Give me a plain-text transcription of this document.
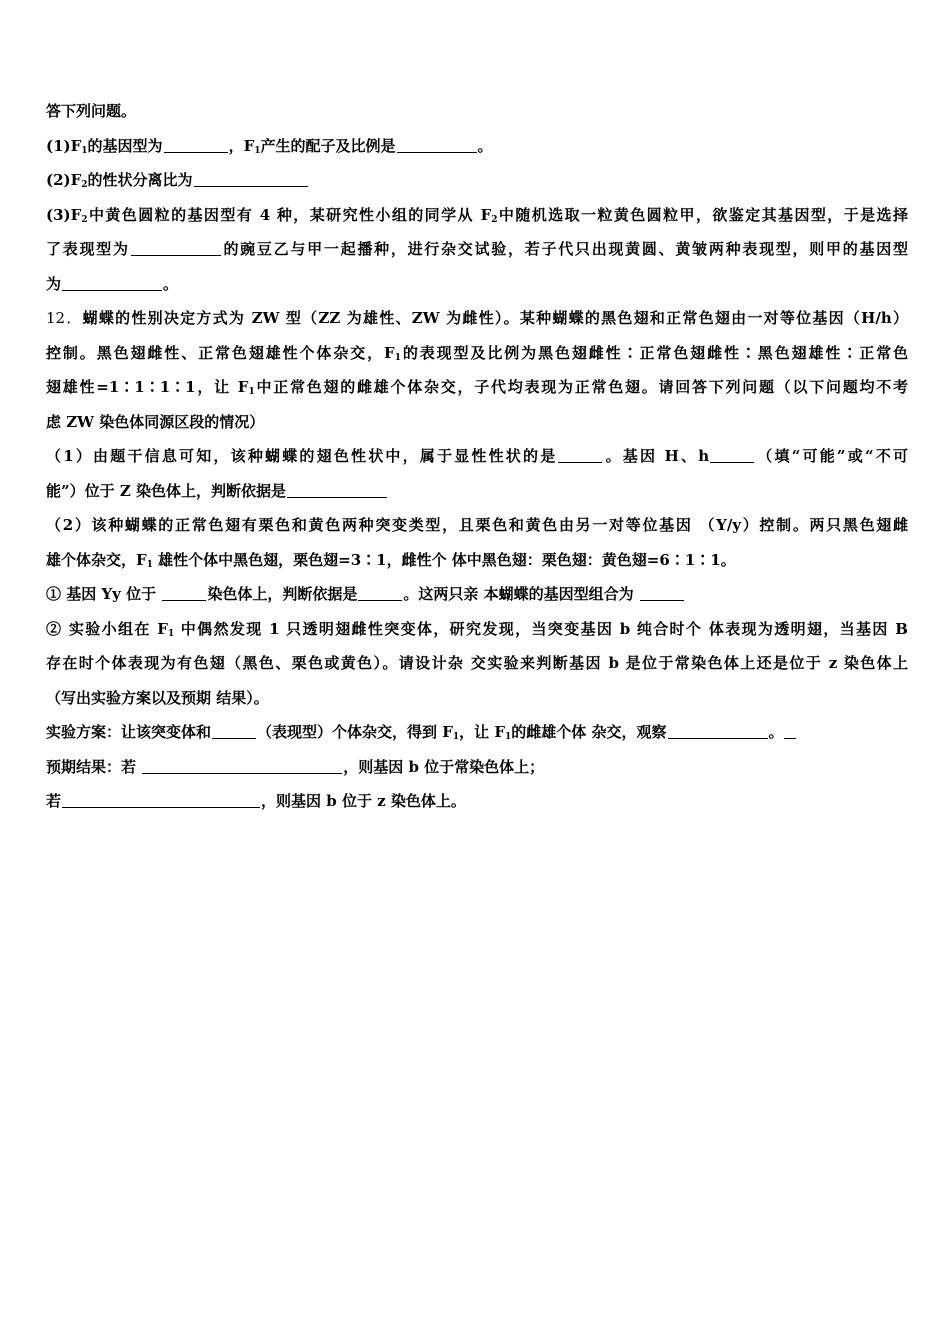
答下列问题。
$(1)F_1$的基因型为	，$F_1$产生的配子及比例是	。
$(2)F_2$的性状分离比为
$(3)F_2$中黄色圆粒的基因型有 4 种，某研究性小组的同学从 $F_2$中随机选取一粒黄色圆粒甲，欲鉴定其基因型，于是选择
了表现型为	的豌豆乙与甲一起播种，进行杂交试验，若子代只出现黄圆、黄皱两种表现型，则甲的基因型
为	。
12．蝴蝶的性别决定方式为 ZW 型（ZZ 为雄性、ZW 为雌性）。某种蝴蝶的黑色翅和正常色翅由一对等位基因（H/h）
控制。黑色翅雌性、正常色翅雄性个体杂交，$F_1$的表现型及比例为黑色翅雌性∶正常色翅雌性∶黑色翅雄性∶正常色
翅雄性=1∶1∶1∶1，让 $F_1$中正常色翅的雌雄个体杂交，子代均表现为正常色翅。请回答下列问题（以下问题均不考
虑 ZW 染色体同源区段的情况）
（1）由题干信息可知，该种蝴蝶的翅色性状中，属于显性性状的是	。基因 H、h	（填“可能”或“不可
能”）位于 Z 染色体上，判断依据是
（2）该种蝴蝶的正常色翅有栗色和黄色两种突变类型，且栗色和黄色由另一对等位基因 （Y/y）控制。两只黑色翅雌
雄个体杂交，$F_1$ 雄性个体中黑色翅，栗色翅=3∶1，雌性个 体中黑色翅：栗色翅：黄色翅=6∶1∶1。
① 基因 Yy 位于	染色体上，判断依据是	。这两只亲 本蝴蝶的基因型组合为
② 实验小组在 $F_1$ 中偶然发现 1 只透明翅雌性突变体，研究发现，当突变基因 b 纯合时个 体表现为透明翅，当基因 B
存在时个体表现为有色翅（黑色、栗色或黄色）。请设计杂 交实验来判断基因 b 是位于常染色体上还是位于 z 染色体上
（写出实验方案以及预期 结果）。
实验方案：让该突变体和	（表现型）个体杂交，得到 $F_1$，让 $F_1$的雌雄个体 杂交，观察	。
预期结果：若	，则基因 b 位于常染色体上；
若	，则基因 b 位于 z 染色体上。
